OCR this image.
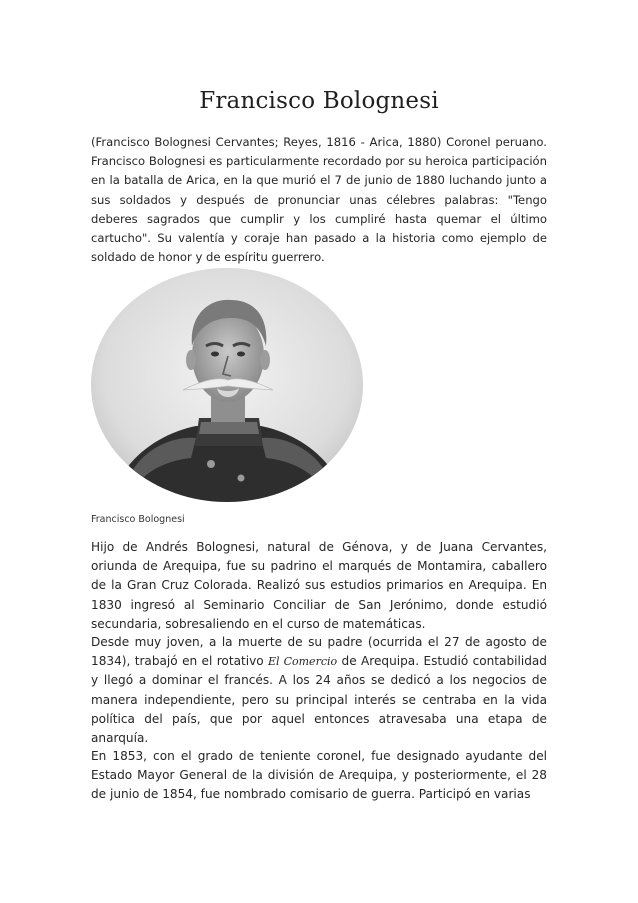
Francisco Bolognesi

(Francisco Bolognesi Cervantes; Reyes, 1816 - Arica, 1880) Coronel peruano. Francisco Bolognesi es particularmente recordado por su heroica participación en la batalla de Arica, en la que murió el 7 de junio de 1880 luchando junto a sus soldados y después de pronunciar unas célebres palabras: "Tengo deberes sagrados que cumplir y los cumpliré hasta quemar el último cartucho". Su valentía y coraje han pasado a la historia como ejemplo de soldado de honor y de espíritu guerrero.

Francisco Bolognesi

Hijo de Andrés Bolognesi, natural de Génova, y de Juana Cervantes, oriunda de Arequipa, fue su padrino el marqués de Montamira, caballero de la Gran Cruz Colorada. Realizó sus estudios primarios en Arequipa. En 1830 ingresó al Seminario Conciliar de San Jerónimo, donde estudió secundaria, sobresaliendo en el curso de matemáticas.

Desde muy joven, a la muerte de su padre (ocurrida el 27 de agosto de 1834), trabajó en el rotativo El Comercio de Arequipa. Estudió contabilidad y llegó a dominar el francés. A los 24 años se dedicó a los negocios de manera independiente, pero su principal interés se centraba en la vida política del país, que por aquel entonces atravesaba una etapa de anarquía.

En 1853, con el grado de teniente coronel, fue designado ayudante del Estado Mayor General de la división de Arequipa, y posteriormente, el 28 de junio de 1854, fue nombrado comisario de guerra. Participó en varias
